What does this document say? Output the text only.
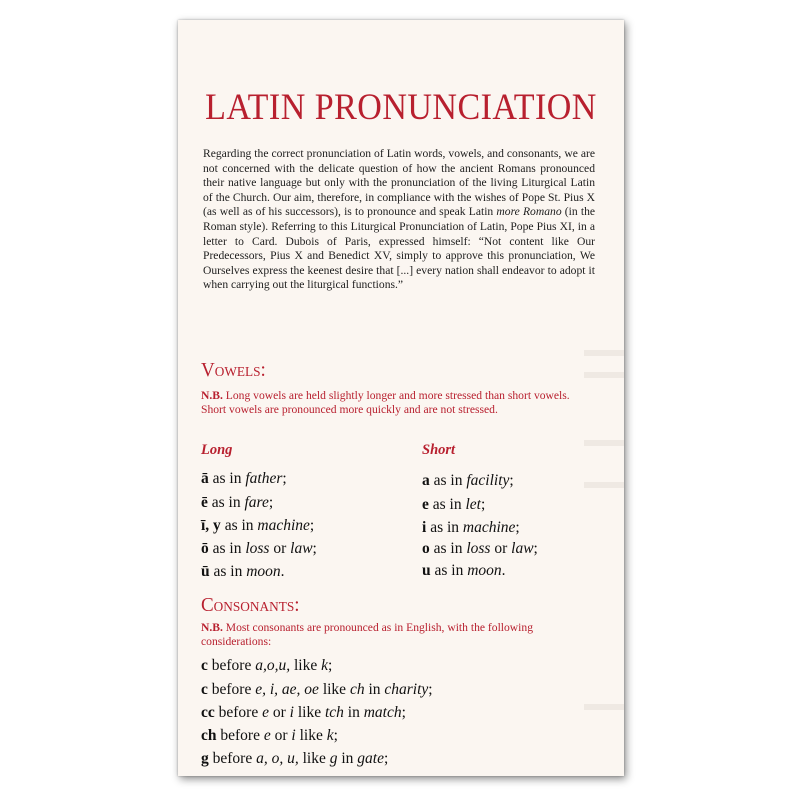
LATIN PRONUNCIATION
Regarding the correct pronunciation of Latin words, vowels, and consonants, we are not concerned with the delicate question of how the ancient Romans pronounced their native language but only with the pronunciation of the living Liturgical Latin of the Church. Our aim, therefore, in compliance with the wishes of Pope St. Pius X (as well as of his successors), is to pronounce and speak Latin more Romano (in the Roman style). Referring to this Liturgical Pronunciation of Latin, Pope Pius XI, in a letter to Card. Dubois of Paris, expressed himself: “Not content like Our Predecessors, Pius X and Benedict XV, simply to approve this pronunciation, We Ourselves express the keenest desire that [...] every nation shall endeavor to adopt it when carrying out the liturgical functions.”
Vowels:
N.B. Long vowels are held slightly longer and more stressed than short vowels. Short vowels are pronounced more quickly and are not stressed.
Long	Short
ā as in father;
ē as in fare;
ī, y as in machine;
ō as in loss or law;
ū as in moon.
a as in facility;
e as in let;
i as in machine;
o as in loss or law;
u as in moon.
Consonants:
N.B. Most consonants are pronounced as in English, with the following considerations:
c before a,o,u, like k;
c before e, i, ae, oe like ch in charity;
cc before e or i like tch in match;
ch before e or i like k;
g before a, o, u, like g in gate;
